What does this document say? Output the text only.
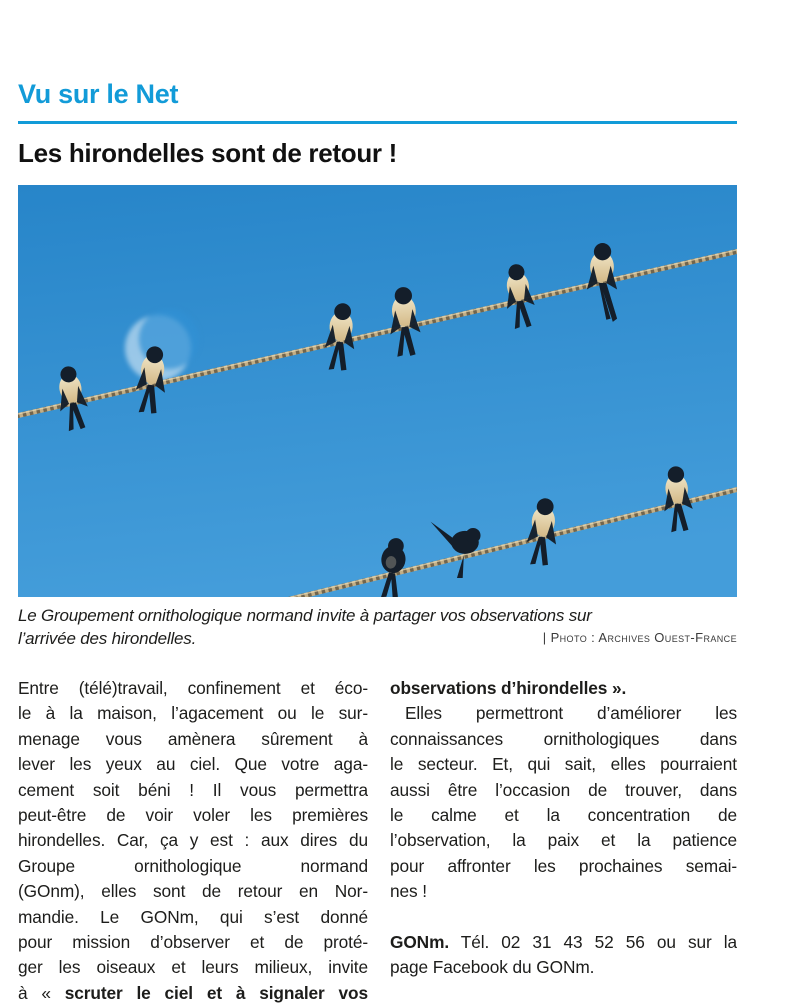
Vu sur le Net
Les hirondelles sont de retour !
Le Groupement ornithologique normand invite à partager vos observations sur
l’arrivée des hirondelles.	| Photo : Archives Ouest-France
Entre (télé)travail, confinement et éco-
le à la maison, l’agacement ou le sur-
menage vous amènera sûrement à
lever les yeux au ciel. Que votre aga-
cement soit béni ! Il vous permettra
peut-être de voir voler les premières
hirondelles. Car, ça y est : aux dires du
Groupe ornithologique normand
(GOnm), elles sont de retour en Nor-
mandie. Le GONm, qui s’est donné
pour mission d’observer et de proté-
ger les oiseaux et leurs milieux, invite
à « scruter le ciel et à signaler vos
observations d’hirondelles ».
Elles permettront d’améliorer les
connaissances ornithologiques dans
le secteur. Et, qui sait, elles pourraient
aussi être l’occasion de trouver, dans
le calme et la concentration de
l’observation, la paix et la patience
pour affronter les prochaines semai-
nes !
GONm. Tél. 02 31 43 52 56 ou sur la
page Facebook du GONm.
